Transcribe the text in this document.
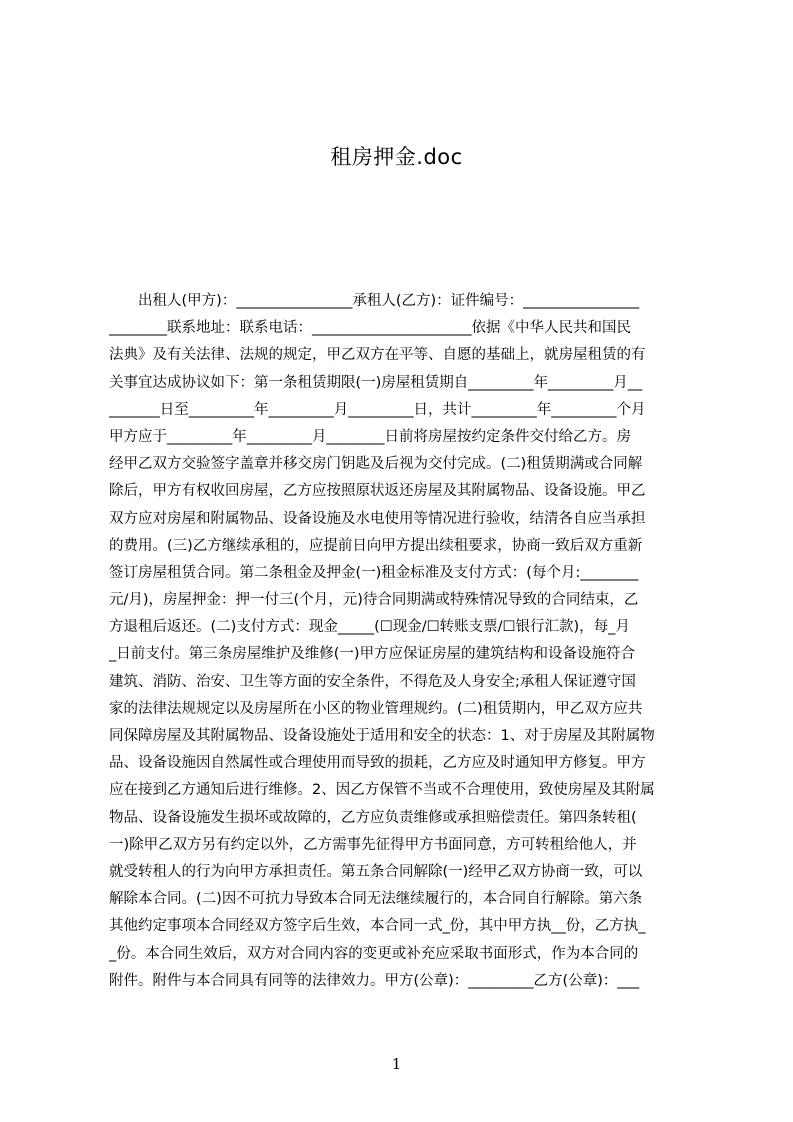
租房押金.doc
出租人(甲方)：________________承租人(乙方)：证件编号：________________
________联系地址：联系电话：______________________依据《中华人民共和国民
法典》及有关法律、法规的规定，甲乙双方在平等、自愿的基础上，就房屋租赁的有
关事宜达成协议如下：第一条租赁期限(一)房屋租赁期自_________年_________月__
_______日至_________年_________月_________日，共计_________年_________个月
甲方应于_________年_________月________日前将房屋按约定条件交付给乙方。房
经甲乙双方交验签字盖章并移交房门钥匙及后视为交付完成。(二)租赁期满或合同解
除后，甲方有权收回房屋，乙方应按照原状返还房屋及其附属物品、设备设施。甲乙
双方应对房屋和附属物品、设备设施及水电使用等情况进行验收，结清各自应当承担
的费用。(三)乙方继续承租的，应提前日向甲方提出续租要求，协商一致后双方重新
签订房屋租赁合同。第二条租金及押金(一)租金标准及支付方式：(每个月:________
元/月)，房屋押金：押一付三(个月，元)待合同期满或特殊情况导致的合同结束，乙
方退租后返还。(二)支付方式：现金_____(☐现金/☐转账支票/☐银行汇款)，每_月
_日前支付。第三条房屋维护及维修(一)甲方应保证房屋的建筑结构和设备设施符合
建筑、消防、治安、卫生等方面的安全条件，不得危及人身安全;承租人保证遵守国
家的法律法规规定以及房屋所在小区的物业管理规约。(二)租赁期内，甲乙双方应共
同保障房屋及其附属物品、设备设施处于适用和安全的状态：1、对于房屋及其附属物
品、设备设施因自然属性或合理使用而导致的损耗，乙方应及时通知甲方修复。甲方
应在接到乙方通知后进行维修。2、因乙方保管不当或不合理使用，致使房屋及其附属
物品、设备设施发生损坏或故障的，乙方应负责维修或承担赔偿责任。第四条转租(
一)除甲乙双方另有约定以外，乙方需事先征得甲方书面同意，方可转租给他人，并
就受转租人的行为向甲方承担责任。第五条合同解除(一)经甲乙双方协商一致，可以
解除本合同。(二)因不可抗力导致本合同无法继续履行的，本合同自行解除。第六条
其他约定事项本合同经双方签字后生效，本合同一式_份，其中甲方执__份，乙方执_
_份。本合同生效后，双方对合同内容的变更或补充应采取书面形式，作为本合同的
附件。附件与本合同具有同等的法律效力。甲方(公章)：_________乙方(公章)：___
1
